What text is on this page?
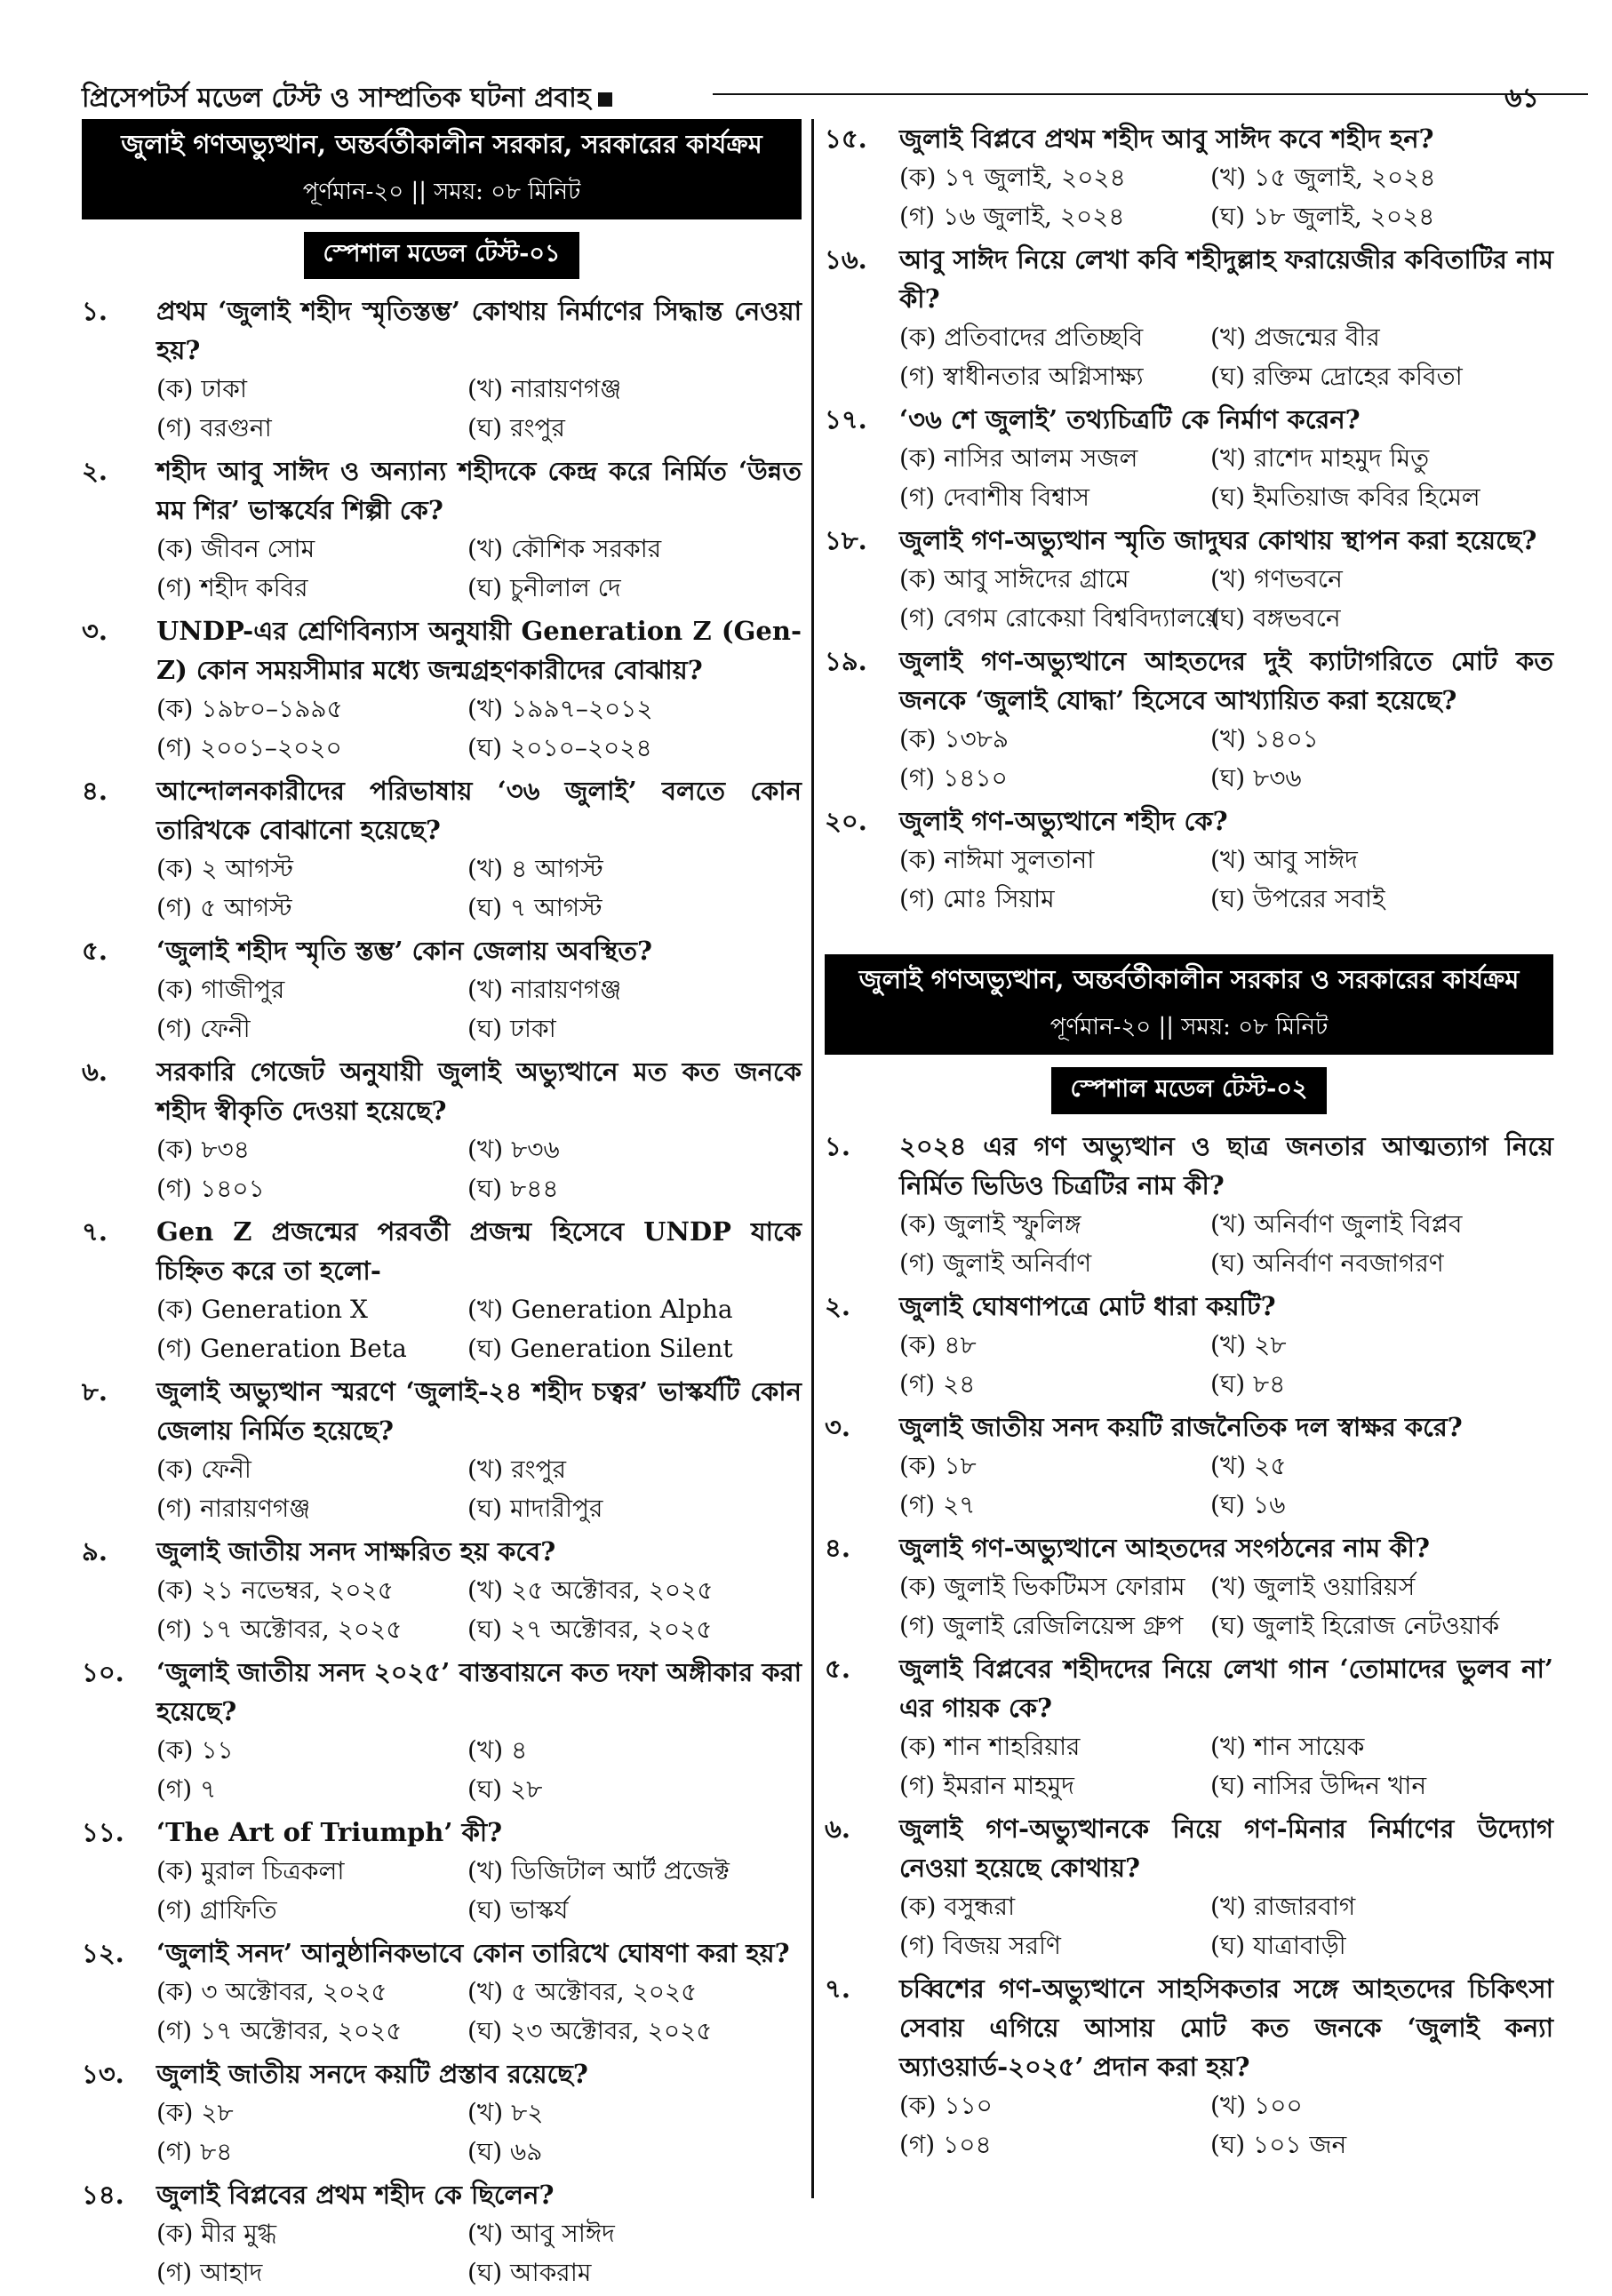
প্রিসেপটর্স মডেল টেস্ট ও সাম্প্রতিক ঘটনা প্রবাহ	৬১
জুলাই গণঅভ্যুত্থান, অন্তর্বর্তীকালীন সরকার, সরকারের কার্যক্রম
পূর্ণমান-২০ || সময়: ০৮ মিনিট
স্পেশাল মডেল টেস্ট-০১
১.	প্রথম ‘জুলাই শহীদ স্মৃতিস্তম্ভ’ কোথায় নির্মাণের সিদ্ধান্ত নেওয়া হয়?
(ক) ঢাকা	(খ) নারায়ণগঞ্জ
(গ) বরগুনা	(ঘ) রংপুর
২.	শহীদ আবু সাঈদ ও অন্যান্য শহীদকে কেন্দ্র করে নির্মিত ‘উন্নত মম শির’ ভাস্কর্যের শিল্পী কে?
(ক) জীবন সোম	(খ) কৌশিক সরকার
(গ) শহীদ কবির	(ঘ) চুনীলাল দে
৩.	UNDP-এর শ্রেণিবিন্যাস অনুযায়ী Generation Z (Gen-Z) কোন সময়সীমার মধ্যে জন্মগ্রহণকারীদের বোঝায়?
(ক) ১৯৮০–১৯৯৫	(খ) ১৯৯৭–২০১২
(গ) ২০০১–২০২০	(ঘ) ২০১০–২০২৪
৪.	আন্দোলনকারীদের পরিভাষায় ‘৩৬ জুলাই’ বলতে কোন তারিখকে বোঝানো হয়েছে?
(ক) ২ আগস্ট	(খ) ৪ আগস্ট
(গ) ৫ আগস্ট	(ঘ) ৭ আগস্ট
৫.	‘জুলাই শহীদ স্মৃতি স্তম্ভ’ কোন জেলায় অবস্থিত?
(ক) গাজীপুর	(খ) নারায়ণগঞ্জ
(গ) ফেনী	(ঘ) ঢাকা
৬.	সরকারি গেজেট অনুযায়ী জুলাই অভ্যুত্থানে মত কত জনকে শহীদ স্বীকৃতি দেওয়া হয়েছে?
(ক) ৮৩৪	(খ) ৮৩৬
(গ) ১৪০১	(ঘ) ৮৪৪
৭.	Gen Z প্রজন্মের পরবর্তী প্রজন্ম হিসেবে UNDP যাকে চিহ্নিত করে তা হলো-
(ক) Generation X	(খ) Generation Alpha
(গ) Generation Beta	(ঘ) Generation Silent
৮.	জুলাই অভ্যুত্থান স্মরণে ‘জুলাই-২৪ শহীদ চত্বর’ ভাস্কর্যটি কোন জেলায় নির্মিত হয়েছে?
(ক) ফেনী	(খ) রংপুর
(গ) নারায়ণগঞ্জ	(ঘ) মাদারীপুর
৯.	জুলাই জাতীয় সনদ সাক্ষরিত হয় কবে?
(ক) ২১ নভেম্বর, ২০২৫	(খ) ২৫ অক্টোবর, ২০২৫
(গ) ১৭ অক্টোবর, ২০২৫	(ঘ) ২৭ অক্টোবর, ২০২৫
১০.	‘জুলাই জাতীয় সনদ ২০২৫’ বাস্তবায়নে কত দফা অঙ্গীকার করা হয়েছে?
(ক) ১১	(খ) ৪
(গ) ৭	(ঘ) ২৮
১১.	‘The Art of Triumph’ কী?
(ক) মুরাল চিত্রকলা	(খ) ডিজিটাল আর্ট প্রজেক্ট
(গ) গ্রাফিতি	(ঘ) ভাস্কর্য
১২.	‘জুলাই সনদ’ আনুষ্ঠানিকভাবে কোন তারিখে ঘোষণা করা হয়?
(ক) ৩ অক্টোবর, ২০২৫	(খ) ৫ অক্টোবর, ২০২৫
(গ) ১৭ অক্টোবর, ২০২৫	(ঘ) ২৩ অক্টোবর, ২০২৫
১৩.	জুলাই জাতীয় সনদে কয়টি প্রস্তাব রয়েছে?
(ক) ২৮	(খ) ৮২
(গ) ৮৪	(ঘ) ৬৯
১৪.	জুলাই বিপ্লবের প্রথম শহীদ কে ছিলেন?
(ক) মীর মুগ্ধ	(খ) আবু সাঈদ
(গ) আহাদ	(ঘ) আকরাম
১৫.	জুলাই বিপ্লবে প্রথম শহীদ আবু সাঈদ কবে শহীদ হন?
(ক) ১৭ জুলাই, ২০২৪	(খ) ১৫ জুলাই, ২০২৪
(গ) ১৬ জুলাই, ২০২৪	(ঘ) ১৮ জুলাই, ২০২৪
১৬.	আবু সাঈদ নিয়ে লেখা কবি শহীদুল্লাহ ফরায়েজীর কবিতাটির নাম কী?
(ক) প্রতিবাদের প্রতিচ্ছবি	(খ) প্রজন্মের বীর
(গ) স্বাধীনতার অগ্নিসাক্ষ্য	(ঘ) রক্তিম দ্রোহের কবিতা
১৭.	‘৩৬ শে জুলাই’ তথ্যচিত্রটি কে নির্মাণ করেন?
(ক) নাসির আলম সজল	(খ) রাশেদ মাহমুদ মিতু
(গ) দেবাশীষ বিশ্বাস	(ঘ) ইমতিয়াজ কবির হিমেল
১৮.	জুলাই গণ-অভ্যুত্থান স্মৃতি জাদুঘর কোথায় স্থাপন করা হয়েছে?
(ক) আবু সাঈদের গ্রামে	(খ) গণভবনে
(গ) বেগম রোকেয়া বিশ্ববিদ্যালয়ে
(ঘ) বঙ্গভবনে
১৯.	জুলাই গণ-অভ্যুত্থানে আহতদের দুই ক্যাটাগরিতে মোট কত জনকে ‘জুলাই যোদ্ধা’ হিসেবে আখ্যায়িত করা হয়েছে?
(ক) ১৩৮৯	(খ) ১৪০১
(গ) ১৪১০	(ঘ) ৮৩৬
২০.	জুলাই গণ-অভ্যুত্থানে শহীদ কে?
(ক) নাঈমা সুলতানা	(খ) আবু সাঈদ
(গ) মোঃ সিয়াম	(ঘ) উপরের সবাই
জুলাই গণঅভ্যুত্থান, অন্তর্বর্তীকালীন সরকার ও সরকারের কার্যক্রম
পূর্ণমান-২০ || সময়: ০৮ মিনিট
স্পেশাল মডেল টেস্ট-০২
১.	২০২৪ এর গণ অভ্যুত্থান ও ছাত্র জনতার আত্মত্যাগ নিয়ে নির্মিত ভিডিও চিত্রটির নাম কী?
(ক) জুলাই স্ফুলিঙ্গ	(খ) অনির্বাণ জুলাই বিপ্লব
(গ) জুলাই অনির্বাণ	(ঘ) অনির্বাণ নবজাগরণ
২.	জুলাই ঘোষণাপত্রে মোট ধারা কয়টি?
(ক) ৪৮	(খ) ২৮
(গ) ২৪	(ঘ) ৮৪
৩.	জুলাই জাতীয় সনদ কয়টি রাজনৈতিক দল স্বাক্ষর করে?
(ক) ১৮	(খ) ২৫
(গ) ২৭	(ঘ) ১৬
৪.	জুলাই গণ-অভ্যুত্থানে আহতদের সংগঠনের নাম কী?
(ক) জুলাই ভিকটিমস ফোরাম	(খ) জুলাই ওয়ারিয়র্স
(গ) জুলাই রেজিলিয়েন্স গ্রুপ	(ঘ) জুলাই হিরোজ নেটওয়ার্ক
৫.	জুলাই বিপ্লবের শহীদদের নিয়ে লেখা গান ‘তোমাদের ভুলব না’ এর গায়ক কে?
(ক) শান শাহরিয়ার	(খ) শান সায়েক
(গ) ইমরান মাহমুদ	(ঘ) নাসির উদ্দিন খান
৬.	জুলাই গণ-অভ্যুত্থানকে নিয়ে গণ-মিনার নির্মাণের উদ্যোগ নেওয়া হয়েছে কোথায়?
(ক) বসুন্ধরা	(খ) রাজারবাগ
(গ) বিজয় সরণি	(ঘ) যাত্রাবাড়ী
৭.	চব্বিশের গণ-অভ্যুত্থানে সাহসিকতার সঙ্গে আহতদের চিকিৎসা সেবায় এগিয়ে আসায় মোট কত জনকে ‘জুলাই কন্যা অ্যাওয়ার্ড-২০২৫’ প্রদান করা হয়?
(ক) ১১০	(খ) ১০০
(গ) ১০৪	(ঘ) ১০১ জন
